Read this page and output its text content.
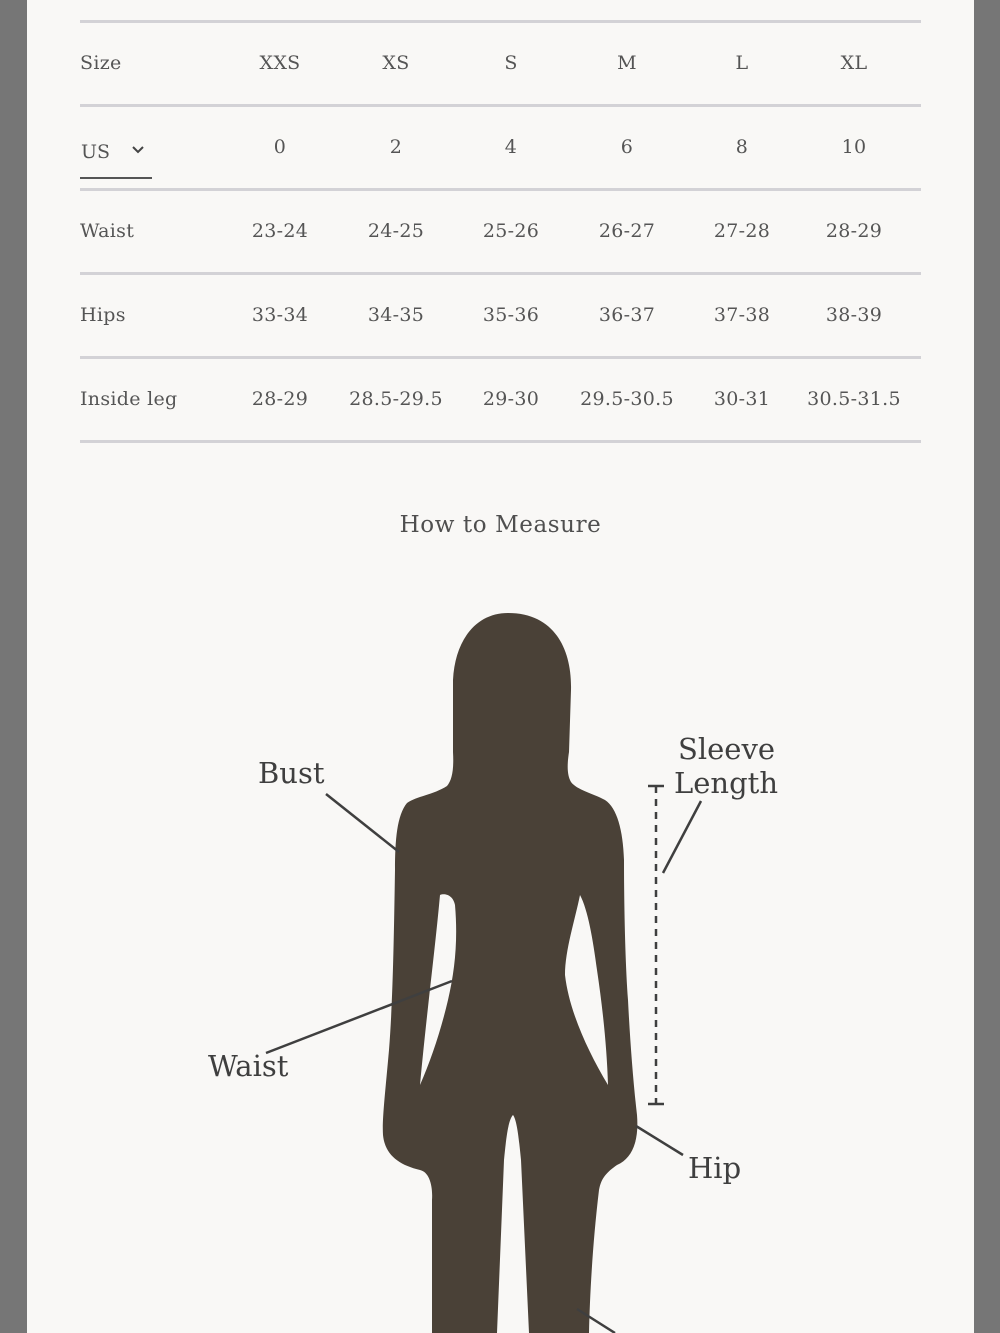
Size	XXS	XS	S	M	L	XL
US	0	2	4	6	8	10
Waist	23-24	24-25	25-26	26-27	27-28	28-29
Hips	33-34	34-35	35-36	36-37	37-38	38-39
Inside leg	28-29 28.5-29.5 29-30 29.5-30.5 30-31 30.5-31.5
How to Measure
Bust
Sleeve
Length
Waist
Hip
